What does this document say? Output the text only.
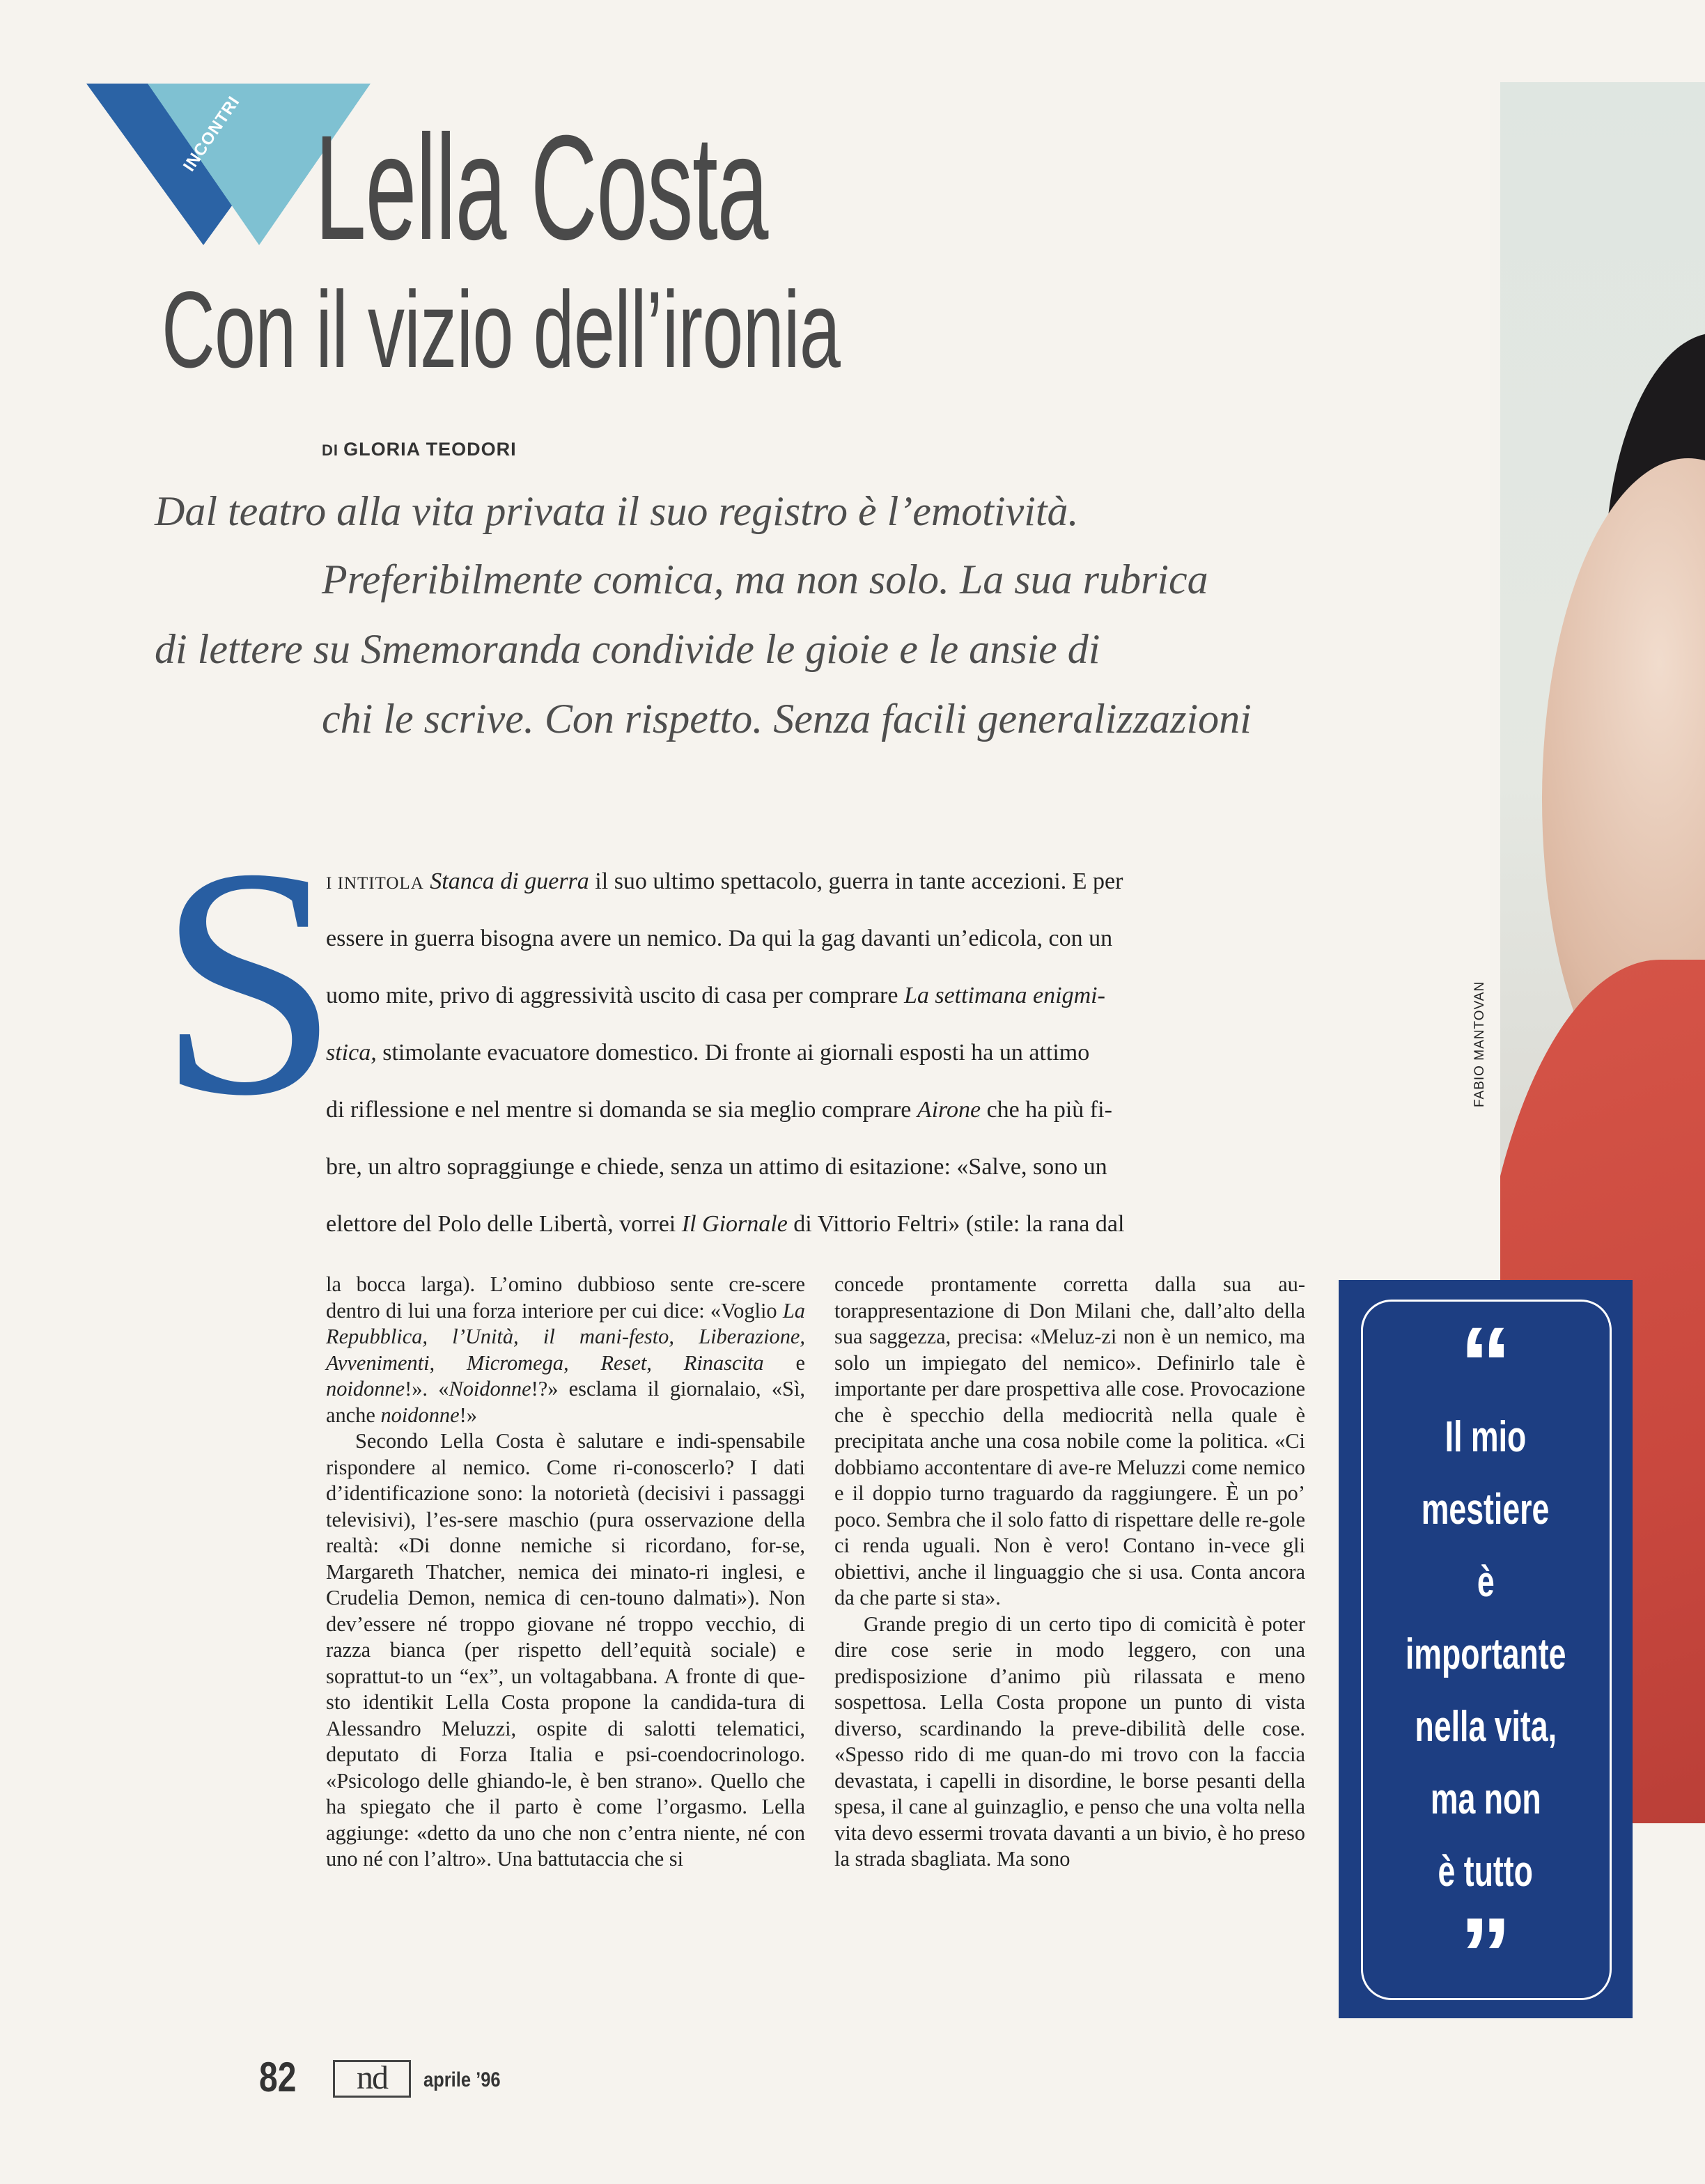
FABIO MANTOVAN
INCONTRI Lella Costa
Con il vizio dell’ironia
DI GLORIA TEODORI
Dal teatro alla vita privata il suo registro è l’emotività.
Preferibilmente comica, ma non solo. La sua rubrica
di lettere su Smemoranda condivide le gioie e le ansie di
chi le scrive. Con rispetto. Senza facili generalizzazioni
S
I INTITOLA Stanca di guerra il suo ultimo spettacolo, guerra in tante accezioni. E per
essere in guerra bisogna avere un nemico. Da qui la gag davanti un’edicola, con un
uomo mite, privo di aggressività uscito di casa per comprare La settimana enigmi-
stica, stimolante evacuatore domestico. Di fronte ai giornali esposti ha un attimo
di riflessione e nel mentre si domanda se sia meglio comprare Airone che ha più fi-
bre, un altro sopraggiunge e chiede, senza un attimo di esitazione: «Salve, sono un
elettore del Polo delle Libertà, vorrei Il Giornale di Vittorio Feltri» (stile: la rana dal

la bocca larga). L’omino dubbioso sente cre-scere dentro di lui una forza interiore per cui dice: «Voglio La Repubblica, l’Unità, il mani-festo, Liberazione, Avvenimenti, Micromega, Reset, Rinascita e noidonne!». «Noidonne!?» esclama il giornalaio, «Sì, anche noidonne!»

Secondo Lella Costa è salutare e indi-spensabile rispondere al nemico. Come ri-conoscerlo? I dati d’identificazione sono: la notorietà (decisivi i passaggi televisivi), l’es-sere maschio (pura osservazione della realtà: «Di donne nemiche si ricordano, for-se, Margareth Thatcher, nemica dei minato-ri inglesi, e Crudelia Demon, nemica di cen-touno dalmati»). Non dev’essere né troppo giovane né troppo vecchio, di razza bianca (per rispetto dell’equità sociale) e soprattut-to un “ex”, un voltagabbana. A fronte di que-sto identikit Lella Costa propone la candida-tura di Alessandro Meluzzi, ospite di salotti telematici, deputato di Forza Italia e psi-coendocrinologo. «Psicologo delle ghiando-le, è ben strano». Quello che ha spiegato che il parto è come l’orgasmo. Lella aggiunge: «detto da uno che non c’entra niente, né con uno né con l’altro». Una battutaccia che si

concede prontamente corretta dalla sua au-torappresentazione di Don Milani che, dall’alto della sua saggezza, precisa: «Meluz-zi non è un nemico, ma solo un impiegato del nemico». Definirlo tale è importante per dare prospettiva alle cose. Provocazione che è specchio della mediocrità nella quale è precipitata anche una cosa nobile come la politica. «Ci dobbiamo accontentare di ave-re Meluzzi come nemico e il doppio turno traguardo da raggiungere. È un po’ poco. Sembra che il solo fatto di rispettare delle re-gole ci renda uguali. Non è vero! Contano in-vece gli obiettivi, anche il linguaggio che si usa. Conta ancora da che parte si sta».

Grande pregio di un certo tipo di comicità è poter dire cose serie in modo leggero, con una predisposizione d’animo più rilassata e meno sospettosa. Lella Costa propone un punto di vista diverso, scardinando la preve-dibilità delle cose. «Spesso rido di me quan-do mi trovo con la faccia devastata, i capelli in disordine, le borse pesanti della spesa, il cane al guinzaglio, e penso che una volta nella vita devo essermi trovata davanti a un bivio, è ho preso la strada sbagliata. Ma sono

“
Il mio
mestiere
è
importante
nella vita,
ma non
è tutto
”
82	nd	aprile ’96
